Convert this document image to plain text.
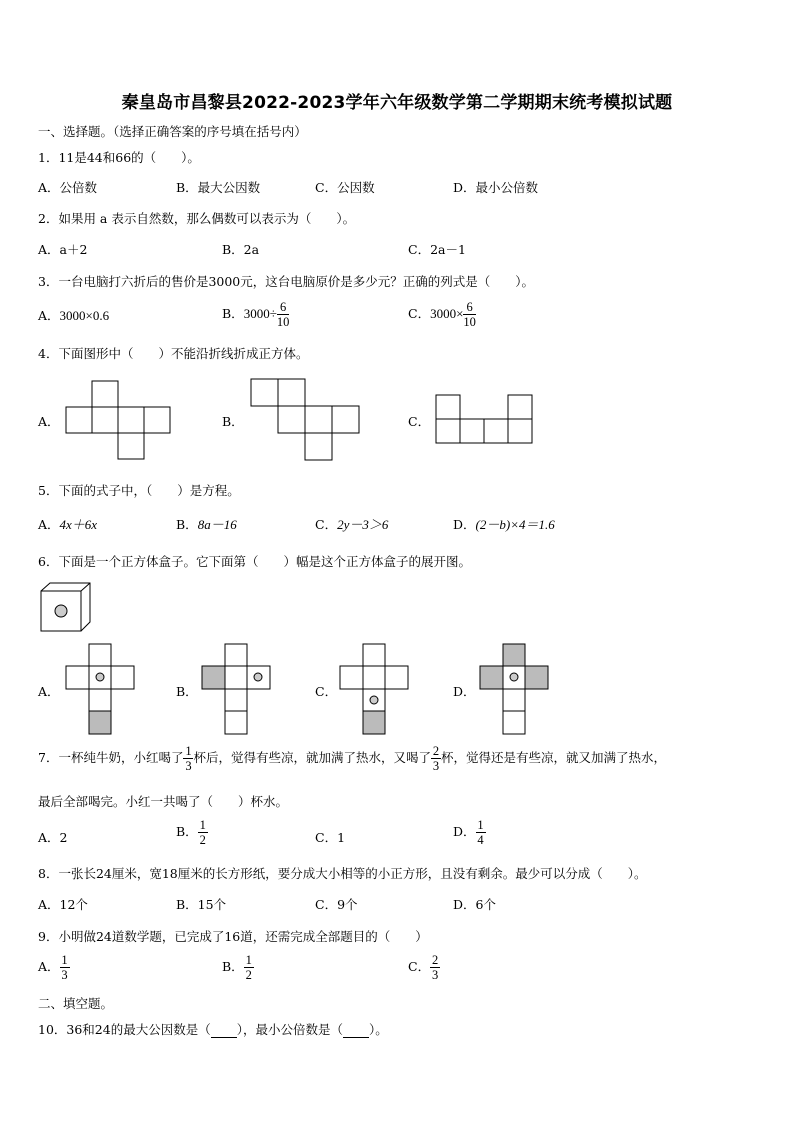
秦皇岛市昌黎县2022-2023学年六年级数学第二学期期末统考模拟试题
一、选择题。（选择正确答案的序号填在括号内）
1．11是44和66的（　　）。
A．公倍数	B．最大公因数	C．公因数	D．最小公倍数
2．如果用 a 表示自然数，那么偶数可以表示为（　　）。
A．a＋2	B．2a	C．2a－1
3．一台电脑打六折后的售价是3000元，这台电脑原价是多少元？正确的列式是（　　）。
A．3000×0.6	B．$3000\div \frac{6}{10}$	C．$3000\times \frac{6}{10}$
4．下面图形中（　　）不能沿折线折成正方体。
A．	B．	C．
5．下面的式子中，（　　）是方程。
A．4x＋6x	B．8a－16	C．2y－3＞6	D．(2－b)×4＝1.6
6．下面是一个正方体盒子。它下面第（　　）幅是这个正方体盒子的展开图。
A．	B．	C．	D．
7．一杯纯牛奶，小红喝了 $\frac{1}{3}$ 杯后，觉得有些凉，就加满了热水，又喝了 $\frac{2}{3}$ 杯，觉得还是有些凉，就又加满了热水，
最后全部喝完。小红一共喝了（　　）杯水。
A．2	B． $\frac{1}{2}$	C．1	D． $\frac{1}{4}$
8．一张长24厘米，宽18厘米的长方形纸，要分成大小相等的小正方形，且没有剩余。最少可以分成（　　）。
A．12个	B．15个	C．9个	D．6个
9．小明做24道数学题，已完成了16道，还需完成全部题目的（　　）
A． $\frac{1}{3}$	B． $\frac{1}{2}$	C． $\frac{2}{3}$
二、填空题。
10．36和24的最大公因数是（ ），最小公倍数是（ ）。
